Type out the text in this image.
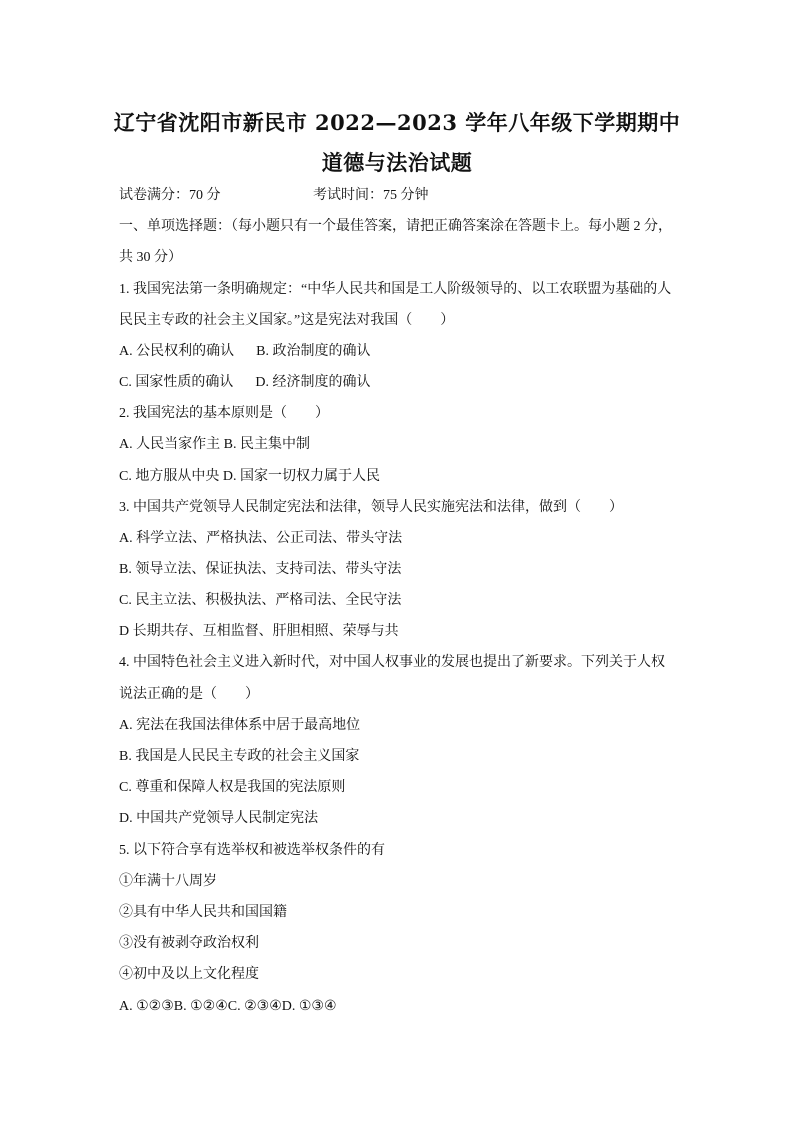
辽宁省沈阳市新民市 2022—2023 学年八年级下学期期中
道德与法治试题
试卷满分：70 分	考试时间：75 分钟
一、单项选择题：（每小题只有一个最佳答案，请把正确答案涂在答题卡上。每小题 2 分，
共 30 分）
1. 我国宪法第一条明确规定：“中华人民共和国是工人阶级领导的、以工农联盟为基础的人
民民主专政的社会主义国家。”这是宪法对我国（　　）
A. 公民权利的确认 B. 政治制度的确认
C. 国家性质的确认 D. 经济制度的确认
2. 我国宪法的基本原则是（　　）
A. 人民当家作主 B. 民主集中制
C. 地方服从中央 D. 国家一切权力属于人民
3. 中国共产党领导人民制定宪法和法律，领导人民实施宪法和法律，做到（　　）
A. 科学立法、严格执法、公正司法、带头守法
B. 领导立法、保证执法、支持司法、带头守法
C. 民主立法、积极执法、严格司法、全民守法
D 长期共存、互相监督、肝胆相照、荣辱与共
4. 中国特色社会主义进入新时代，对中国人权事业的发展也提出了新要求。下列关于人权
说法正确的是（　　）
A. 宪法在我国法律体系中居于最高地位
B. 我国是人民民主专政的社会主义国家
C. 尊重和保障人权是我国的宪法原则
D. 中国共产党领导人民制定宪法
5. 以下符合享有选举权和被选举权条件的有
①年满十八周岁
②具有中华人民共和国国籍
③没有被剥夺政治权利
④初中及以上文化程度
A. ①②③B. ①②④C. ②③④D. ①③④
